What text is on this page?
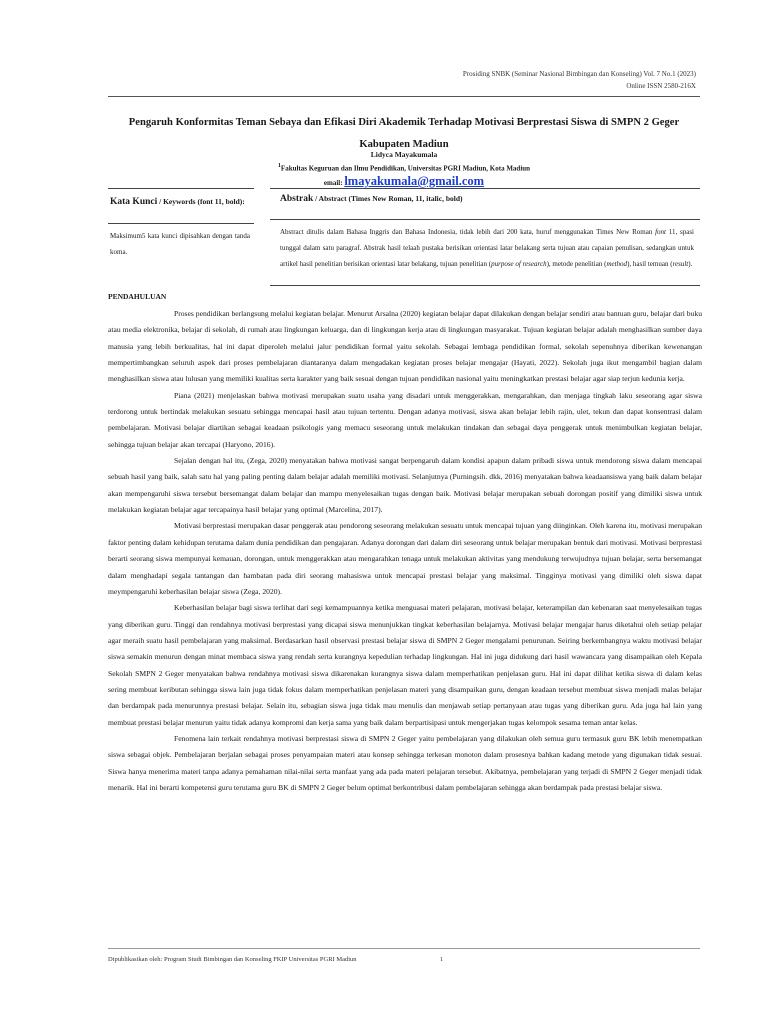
Prosiding SNBK (Seminar Nasional Bimbingan dan Konseling) Vol. 7 No.1 (2023)
Online ISSN 2580-216X
Pengaruh Konformitas Teman Sebaya dan Efikasi Diri Akademik Terhadap Motivasi Berprestasi Siswa di SMPN 2 Geger Kabupaten Madiun
Lidyca Mayakumala
$^1$Fakultas Keguruan dan Ilmu Pendidikan, Universitas PGRI Madiun, Kota Madiun
email: lmayakumala@gmail.com
Kata Kunci / Keywords (font 11, bold):	Abstrak / Abstract (Times New Roman, 11, italic, bold)
Maksimum5 kata kunci dipisahkan dengan tanda koma.
Abstract ditulis dalam Bahasa Inggris dan Bahasa Indonesia, tidak lebih dari 200 kata, huruf menggunakan Times New Roman font 11, spasi tunggal dalam satu paragraf. Abstrak hasil telaah pustaka berisikan orientasi latar belakang serta tujuan atau capaian penulisan, sedangkan untuk artikel hasil penelitian berisikan orientasi latar belakang, tujuan penelitian (purpose of research), metode penelitian (method), hasil temuan (result).
PENDAHULUAN

Proses pendidikan berlangsung melalui kegiatan belajar. Menurut Arsalna (2020) kegiatan belajar dapat dilakukan dengan belajar sendiri atau bantuan guru, belajar dari buku atau media elektronika, belajar di sekolah, di rumah atau lingkungan keluarga, dan di lingkungan kerja atau di lingkungan masyarakat. Tujuan kegiatan belajar adalah menghasilkan sumber daya manusia yang lebih berkualitas, hal ini dapat diperoleh melalui jalur pendidikan formal yaitu sekolah. Sebagai lembaga pendidikan formal, sekolah sepenuhnya diberikan kewenangan mempertimbangkan seluruh aspek dari proses pembelajaran diantaranya dalam mengadakan kegiatan proses belajar mengajar (Hayati, 2022). Sekolah juga ikut mengambil bagian dalam menghasilkan siswa atau lulusan yang memiliki kualitas serta karakter yang baik sesuai dengan tujuan pendidikan nasional yaitu meningkatkan prestasi belajar agar siap terjun kedunia kerja.

Piana (2021) menjelaskan bahwa motivasi merupakan suatu usaha yang disadari untuk menggerakkan, mengarahkan, dan menjaga tingkah laku seseorang agar siswa terdorong untuk bertindak melakukan sesuatu sehingga mencapai hasil atau tujuan tertentu. Dengan adanya motivasi, siswa akan belajar lebih rajin, ulet, tekun dan dapat konsentrasi dalam pembelajaran. Motivasi belajar diartikan sebagai keadaan psikologis yang memacu seseorang untuk melakukan tindakan dan sebagai daya penggerak untuk menimbulkan kegiatan belajar, sehingga tujuan belajar akan tercapai (Haryono, 2016).

Sejalan dengan hal itu, (Zega, 2020) menyatakan bahwa motivasi sangat berpengaruh dalam kondisi apapun dalam pribadi siswa untuk mendorong siswa dalam mencapai sebuah hasil yang baik, salah satu hal yang paling penting dalam belajar adalah memiliki motivasi. Selanjutnya (Purningsih. dkk, 2016) menyatakan bahwa keadaansiswa yang baik dalam belajar akan mempengaruhi siswa tersebut bersemangat dalam belajar dan mampu menyelesaikan tugas dengan baik. Motivasi belajar merupakan sebuah dorongan positif yang dimiliki siswa untuk melakukan kegiatan belajar agar tercapainya hasil belajar yang optimal (Marcelina, 2017).

Motivasi berprestasi merupakan dasar penggerak atau pendorong seseorang melakukan sesuatu untuk mencapai tujuan yang diinginkan. Oleh karena itu, motivasi merupakan faktor penting dalam kehidupan terutama dalam dunia pendidikan dan pengajaran. Adanya dorongan dari dalam diri seseorang untuk belajar merupakan bentuk dari motivasi. Motivasi berprestasi berarti seorang siswa mempunyai kemauan, dorongan, untuk menggerakkan atau mengarahkan tenaga untuk melakukan aktivitas yang mendukung terwujudnya tujuan belajar, serta bersemangat dalam menghadapi segala tantangan dan hambatan pada diri seorang mahasiswa untuk mencapai prestasi belajar yang maksimal. Tingginya motivasi yang dimiliki oleh siswa dapat meympengaruhi keberhasilan belajar siswa (Zega, 2020).

Keberhasilan belajar bagi siswa terlihat dari segi kemampuannya ketika menguasai materi pelajaran, motivasi belajar, keterampilan dan kebenaran saat menyelesaikan tugas yang diberikan guru. Tinggi dan rendahnya motivasi berprestasi yang dicapai siswa menunjukkan tingkat keberhasilan belajarnya. Motivasi belajar mengajar harus diketahui oleh setiap pelajar agar meraih suatu hasil pembelajaran yang maksimal. Berdasarkan hasil observasi prestasi belajar siswa di SMPN 2 Geger mengalami penurunan. Seiring berkembangnya waktu motivasi belajar siswa semakin menurun dengan minat membaca siswa yang rendah serta kurangnya kepedulian terhadap lingkungan. Hal ini juga didukung dari hasil wawancara yang disampaikan oleh Kepala Sekolah SMPN 2 Geger menyatakan bahwa rendahnya motivasi siswa dikarenakan kurangnya siswa dalam memperhatikan penjelasan guru. Hal ini dapat dilihat ketika siswa di dalam kelas sering membuat keributan sehingga siswa lain juga tidak fokus dalam memperhatikan penjelasan materi yang disampaikan guru, dengan keadaan tersebut membuat siswa menjadi malas belajar dan berdampak pada menurunnya prestasi belajar. Selain itu, sebagian siswa juga tidak mau menulis dan menjawab setiap pertanyaan atau tugas yang diberikan guru. Ada juga hal lain yang membuat prestasi belajar menurun yaitu tidak adanya kompromi dan kerja sama yang baik dalam berpartisipasi untuk mengerjakan tugas kelompok sesama teman antar kelas.

Fenomena lain terkait rendahnya motivasi berprestasi siswa di SMPN 2 Geger yaitu pembelajaran yang dilakukan oleh semua guru termasuk guru BK lebih menempatkan siswa sebagai objek. Pembelajaran berjalan sebagai proses penyampaian materi atau konsep sehingga terkesan monoton dalam prosesnya bahkan kadang metode yang digunakan tidak sesuai. Siswa hanya menerima materi tanpa adanya pemahaman nilai-nilai serta manfaat yang ada pada materi pelajaran tersebut. Akibatnya, pembelajaran yang terjadi di SMPN 2 Geger menjadi tidak menarik. Hal ini berarti kompetensi guru terutama guru BK di SMPN 2 Geger belum optimal berkontribusi dalam pembelajaran sehingga akan berdampak pada prestasi belajar siswa.

Dipublikasikan oleh: Program Studi Bimbingan dan Konseling FKIP Universitas PGRI Madiun	1
